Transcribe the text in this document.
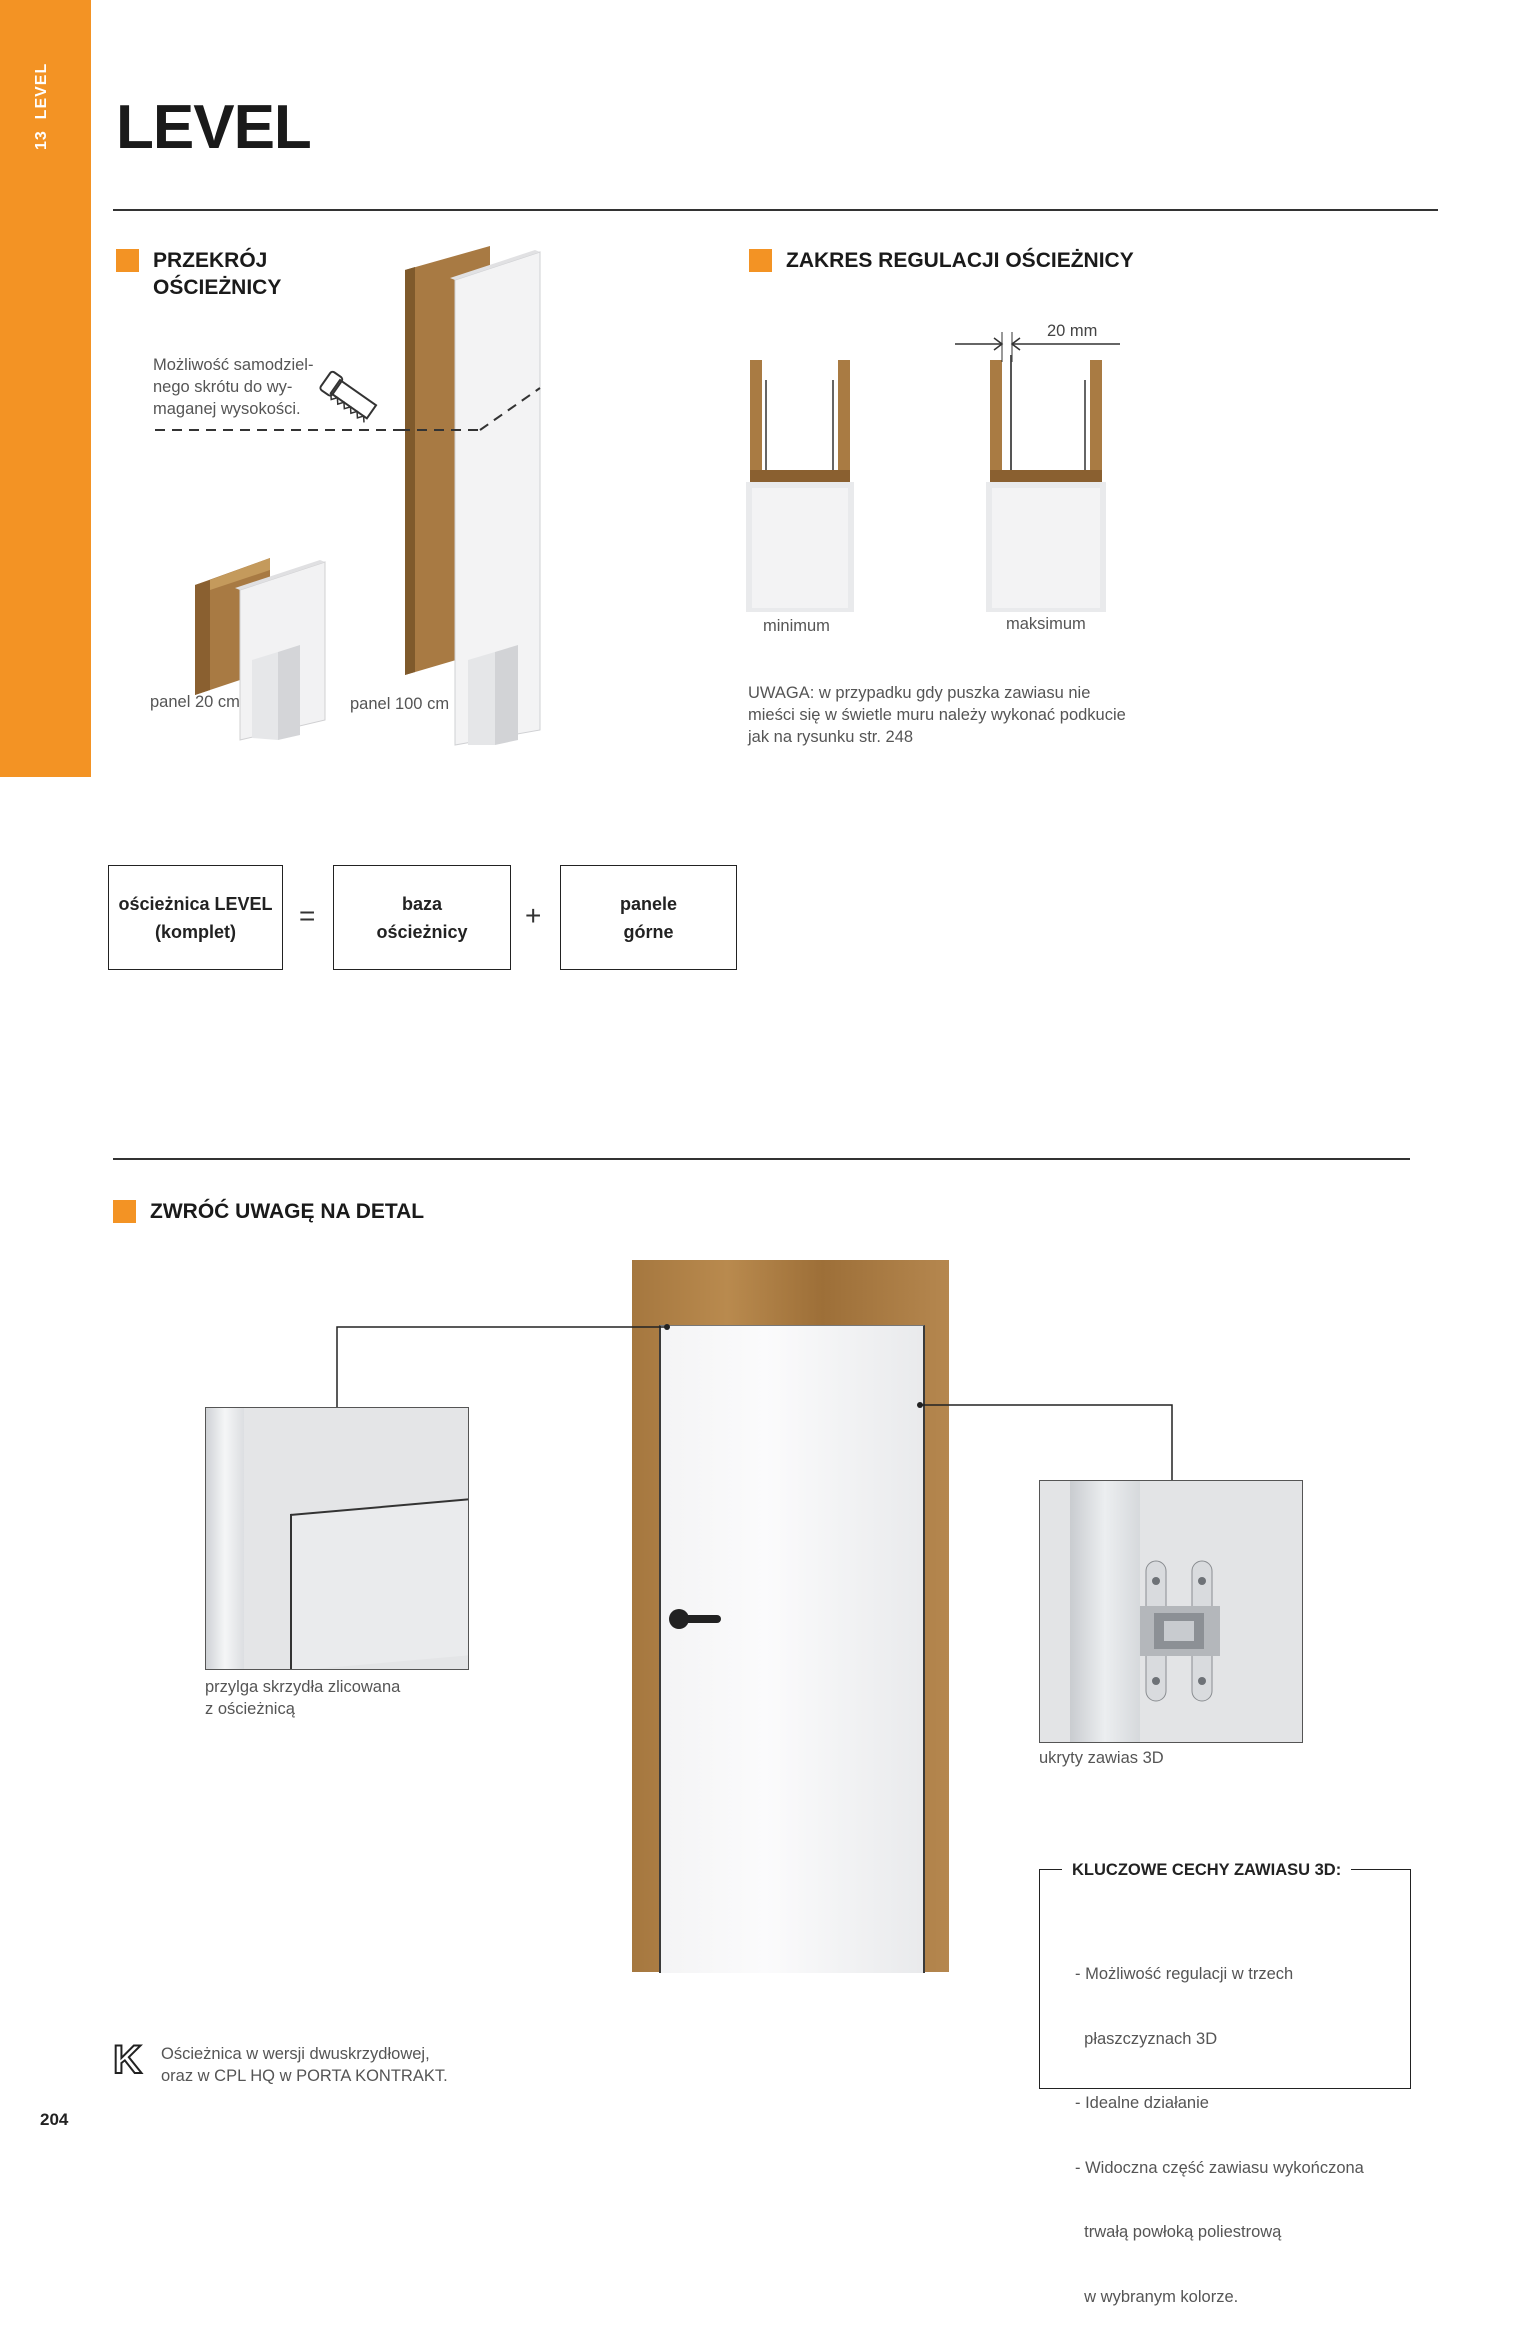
13  LEVEL
LEVEL
PRZEKRÓJ
OŚCIEŻNICY
Możliwość samodziel-
nego skrótu do wy-
maganej wysokości.
panel 20 cm	panel 100 cm
ZAKRES REGULACJI OŚCIEŻNICY
20 mm
minimum	maksimum
UWAGA: w przypadku gdy puszka zawiasu nie
mieści się w świetle muru należy wykonać podkucie
jak na rysunku str. 248
ościeżnica LEVEL
(komplet)
=	baza
ościeżnicy
+	panele
górne
ZWRÓĆ UWAGĘ NA DETAL
przylga skrzydła zlicowana
z ościeżnicą
ukryty zawias 3D
KLUCZOWE CECHY ZAWIASU 3D:

- Możliwość regulacji w trzech

płaszczyznach 3D

- Idealne działanie

- Widoczna część zawiasu wykończona

trwałą powłoką poliestrową

w wybranym kolorze.

K Ościeżnica w wersji dwuskrzydłowej,
oraz w CPL HQ w PORTA KONTRAKT.
204
